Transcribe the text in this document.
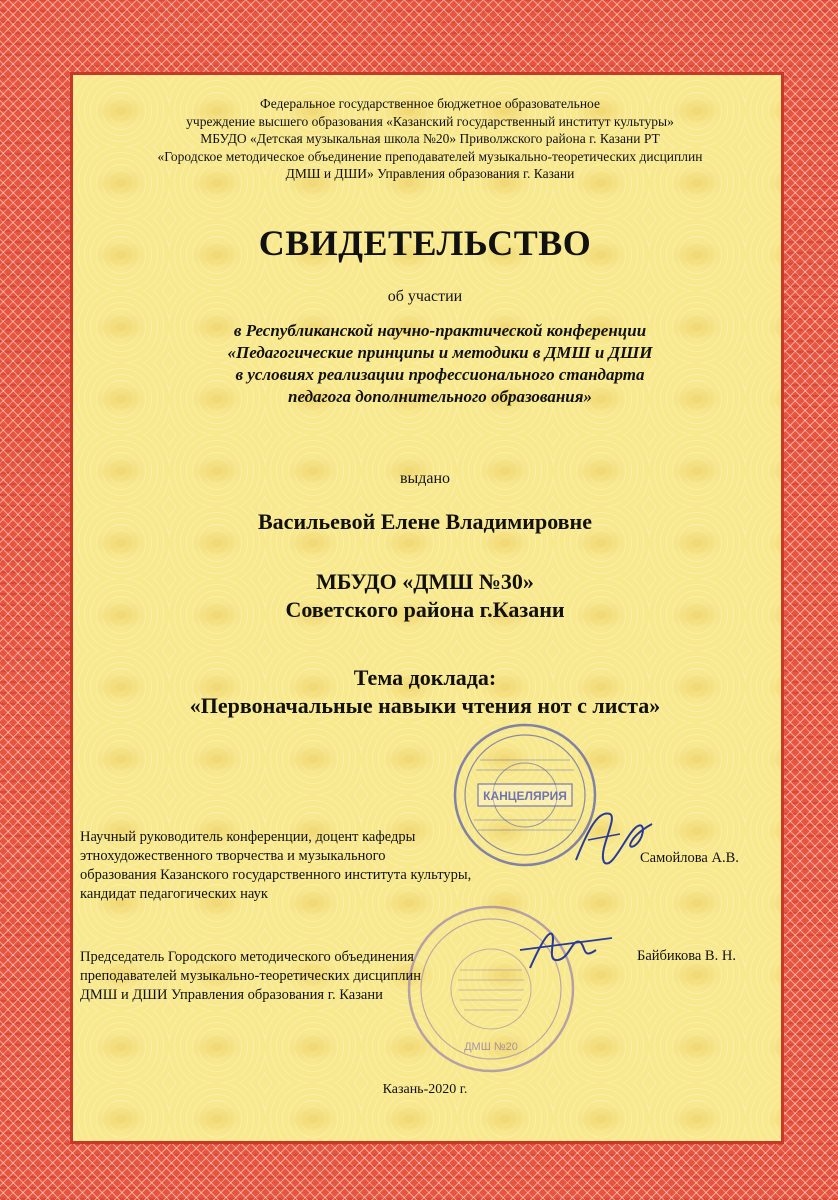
Федеральное государственное бюджетное образовательное
учреждение высшего образования «Казанский государственный институт культуры»
МБУДО «Детская музыкальная школа №20» Приволжского района г. Казани РТ
«Городское методическое объединение преподавателей музыкально-теоретических дисциплин
ДМШ и ДШИ» Управления образования г. Казани
СВИДЕТЕЛЬСТВО
об участии
в Республиканской научно-практической конференции
«Педагогические принципы и методики в ДМШ и ДШИ
в условиях реализации профессионального стандарта
педагога дополнительного образования»
выдано
Васильевой Елене Владимировне
МБУДО «ДМШ №30»
Советского района г.Казани
Тема доклада:
«Первоначальные навыки чтения нот с листа»
КАНЦЕЛЯРИЯ
Научный руководитель конференции, доцент кафедры
этнохудожественного творчества и музыкального
образования Казанского государственного института культуры,
кандидат педагогических наук
Самойлова А.В.
ДМШ №20
Председатель Городского методического объединения
преподавателей музыкально-теоретических дисциплин
ДМШ и ДШИ Управления образования г. Казани
Байбикова В. Н.
Казань-2020 г.
